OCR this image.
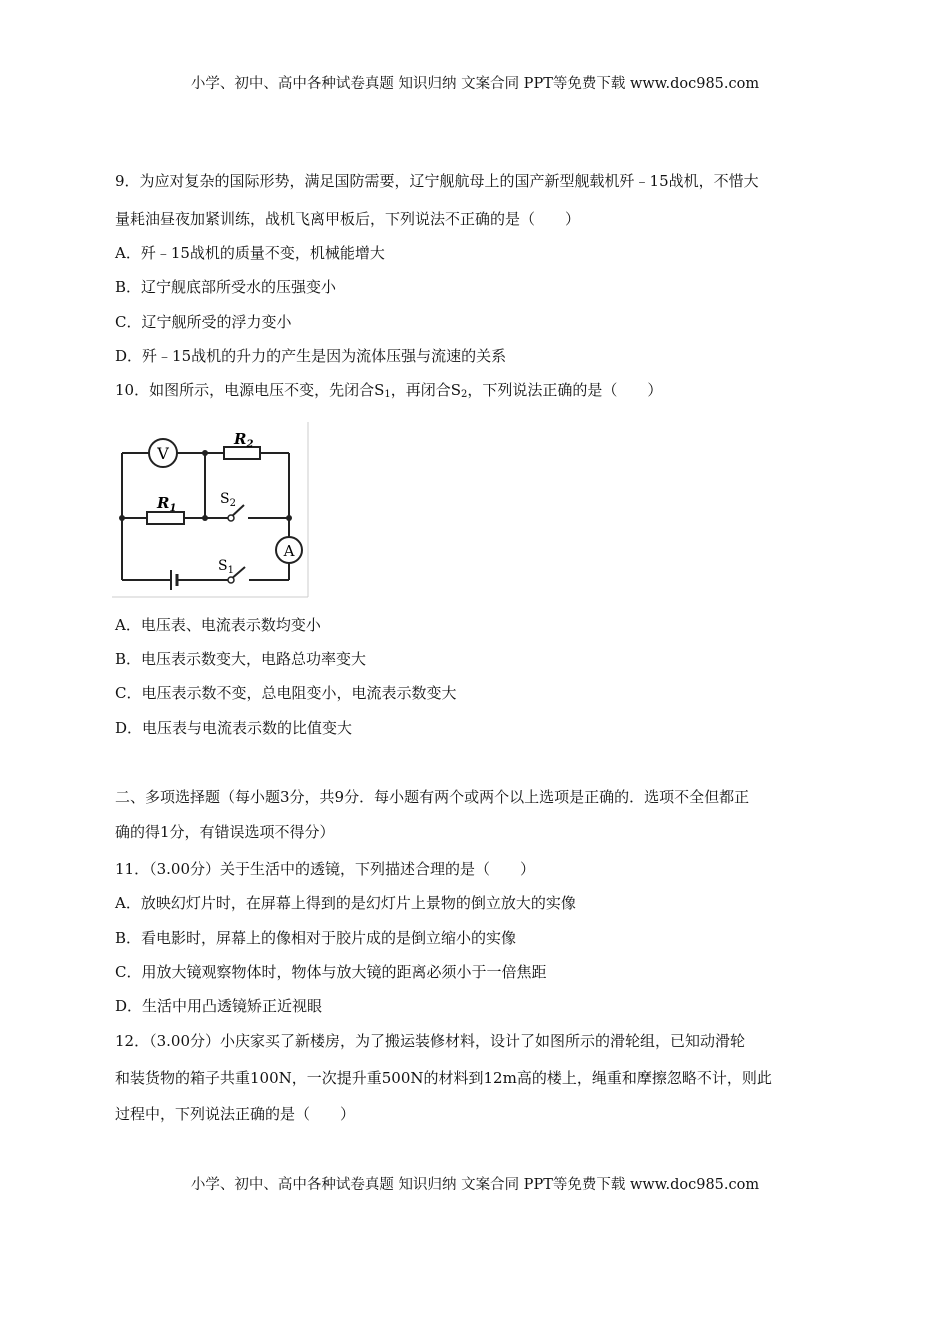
小学、初中、高中各种试卷真题 知识归纳 文案合同 PPT等免费下载 www.doc985.com
9．为应对复杂的国际形势，满足国防需要，辽宁舰航母上的国产新型舰载机歼﹣15战机，不惜大
量耗油昼夜加紧训练，战机飞离甲板后，下列说法不正确的是（　　）
A．歼﹣15战机的质量不变，机械能增大
B．辽宁舰底部所受水的压强变小
C．辽宁舰所受的浮力变小
D．歼﹣15战机的升力的产生是因为流体压强与流速的关系
10．如图所示，电源电压不变，先闭合$S_1$，再闭合$S_2$，下列说法正确的是（　　）
V
A
$R_2$
$R_1$
$S_2$
$S_1$
A．电压表、电流表示数均变小
B．电压表示数变大，电路总功率变大
C．电压表示数不变，总电阻变小，电流表示数变大
D．电压表与电流表示数的比值变大
二、多项选择题（每小题3分，共9分．每小题有两个或两个以上选项是正确的．选项不全但都正
确的得1分，有错误选项不得分）
11．（3.00分）关于生活中的透镜，下列描述合理的是（　　）
A．放映幻灯片时，在屏幕上得到的是幻灯片上景物的倒立放大的实像
B．看电影时，屏幕上的像相对于胶片成的是倒立缩小的实像
C．用放大镜观察物体时，物体与放大镜的距离必须小于一倍焦距
D．生活中用凸透镜矫正近视眼
12．（3.00分）小庆家买了新楼房，为了搬运装修材料，设计了如图所示的滑轮组，已知动滑轮
和装货物的箱子共重100N，一次提升重500N的材料到12m高的楼上，绳重和摩擦忽略不计，则此
过程中，下列说法正确的是（　　）
小学、初中、高中各种试卷真题 知识归纳 文案合同 PPT等免费下载 www.doc985.com
